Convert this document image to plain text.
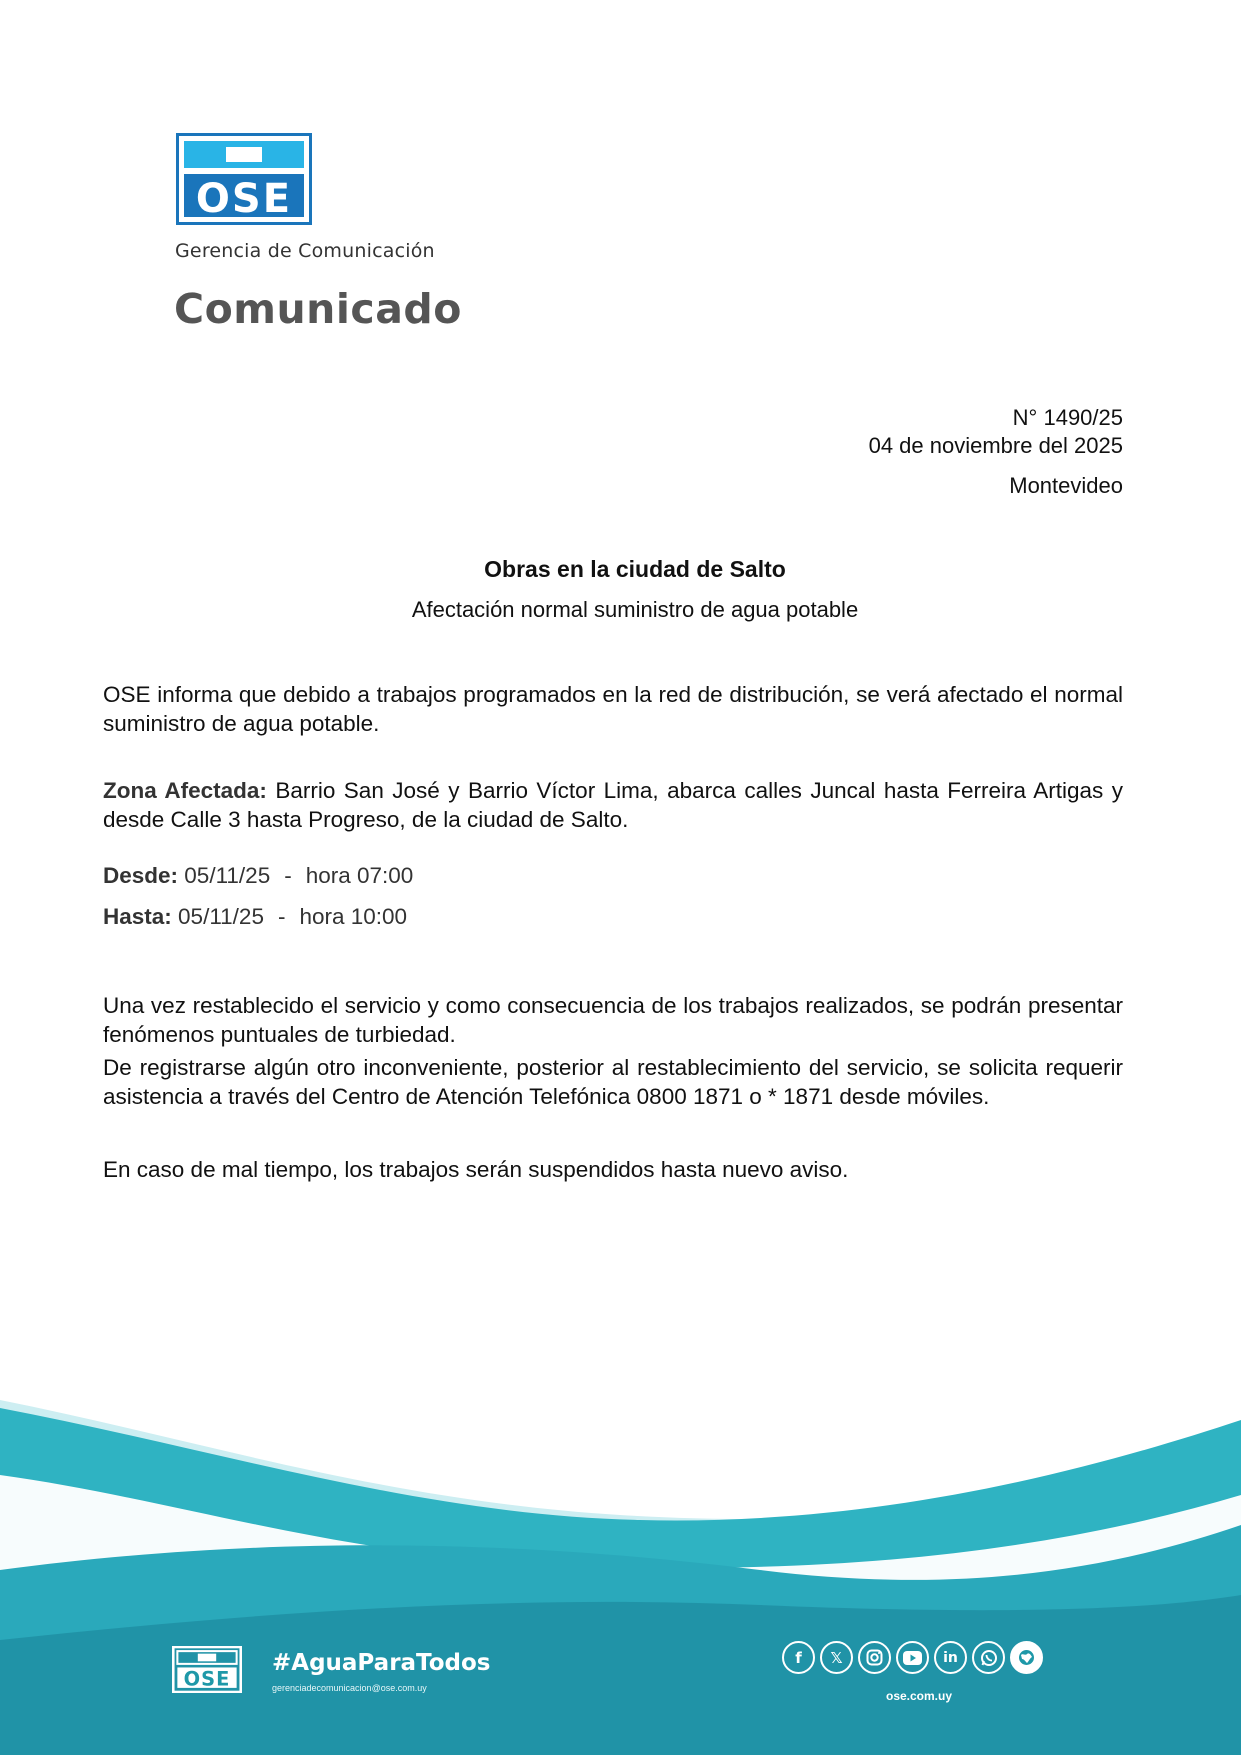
OSE
Gerencia de Comunicación
Comunicado
N° 1490/25
04 de noviembre del 2025
Montevideo
Obras en la ciudad de Salto
Afectación normal suministro de agua potable
OSE informa que debido a trabajos programados en la red de distribución, se verá afectado el normal suministro de agua potable.
Zona Afectada: Barrio San José y Barrio Víctor Lima, abarca calles Juncal hasta Ferreira Artigas y desde Calle 3 hasta Progreso, de la ciudad de Salto.
Desde: 05/11/25 - hora 07:00
Hasta: 05/11/25 - hora 10:00
Una vez restablecido el servicio y como consecuencia de los trabajos realizados, se podrán presentar fenómenos puntuales de turbiedad.
De registrarse algún otro inconveniente, posterior al restablecimiento del servicio, se solicita requerir asistencia a través del Centro de Atención Telefónica 0800 1871 o * 1871 desde móviles.
En caso de mal tiempo, los trabajos serán suspendidos hasta nuevo aviso.
OSE
#AguaParaTodos
gerenciadecomunicacion@ose.com.uy
f	𝕏	in
ose.com.uy
